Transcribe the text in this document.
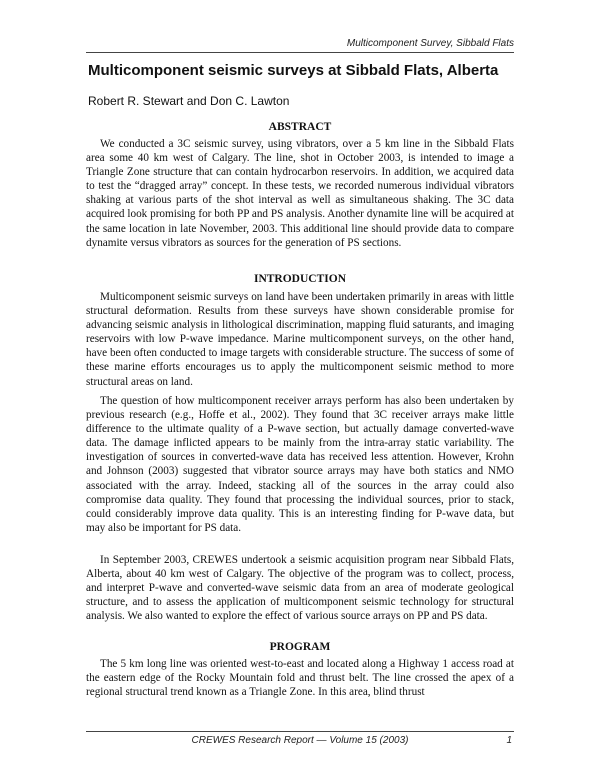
Multicomponent Survey, Sibbald Flats
Multicomponent seismic surveys at Sibbald Flats, Alberta
Robert R. Stewart and Don C. Lawton
ABSTRACT

We conducted a 3C seismic survey, using vibrators, over a 5 km line in the Sibbald Flats area some 40 km west of Calgary. The line, shot in October 2003, is intended to image a Triangle Zone structure that can contain hydrocarbon reservoirs. In addition, we acquired data to test the “dragged array” concept. In these tests, we recorded numerous individual vibrators shaking at various parts of the shot interval as well as simultaneous shaking. The 3C data acquired look promising for both PP and PS analysis. Another dynamite line will be acquired at the same location in late November, 2003. This additional line should provide data to compare dynamite versus vibrators as sources for the generation of PS sections.

INTRODUCTION

Multicomponent seismic surveys on land have been undertaken primarily in areas with little structural deformation. Results from these surveys have shown considerable promise for advancing seismic analysis in lithological discrimination, mapping fluid saturants, and imaging reservoirs with low P-wave impedance. Marine multicomponent surveys, on the other hand, have been often conducted to image targets with considerable structure. The success of some of these marine efforts encourages us to apply the multicomponent seismic method to more structural areas on land.

The question of how multicomponent receiver arrays perform has also been undertaken by previous research (e.g., Hoffe et al., 2002). They found that 3C receiver arrays make little difference to the ultimate quality of a P-wave section, but actually damage converted-wave data. The damage inflicted appears to be mainly from the intra-array static variability. The investigation of sources in converted-wave data has received less attention. However, Krohn and Johnson (2003) suggested that vibrator source arrays may have both statics and NMO associated with the array. Indeed, stacking all of the sources in the array could also compromise data quality. They found that processing the individual sources, prior to stack, could considerably improve data quality. This is an interesting finding for P-wave data, but may also be important for PS data.

In September 2003, CREWES undertook a seismic acquisition program near Sibbald Flats, Alberta, about 40 km west of Calgary. The objective of the program was to collect, process, and interpret P-wave and converted-wave seismic data from an area of moderate geological structure, and to assess the application of multicomponent seismic technology for structural analysis. We also wanted to explore the effect of various source arrays on PP and PS data.

PROGRAM

The 5 km long line was oriented west-to-east and located along a Highway 1 access road at the eastern edge of the Rocky Mountain fold and thrust belt. The line crossed the apex of a regional structural trend known as a Triangle Zone. In this area, blind thrust

CREWES Research Report — Volume 15 (2003)	1
